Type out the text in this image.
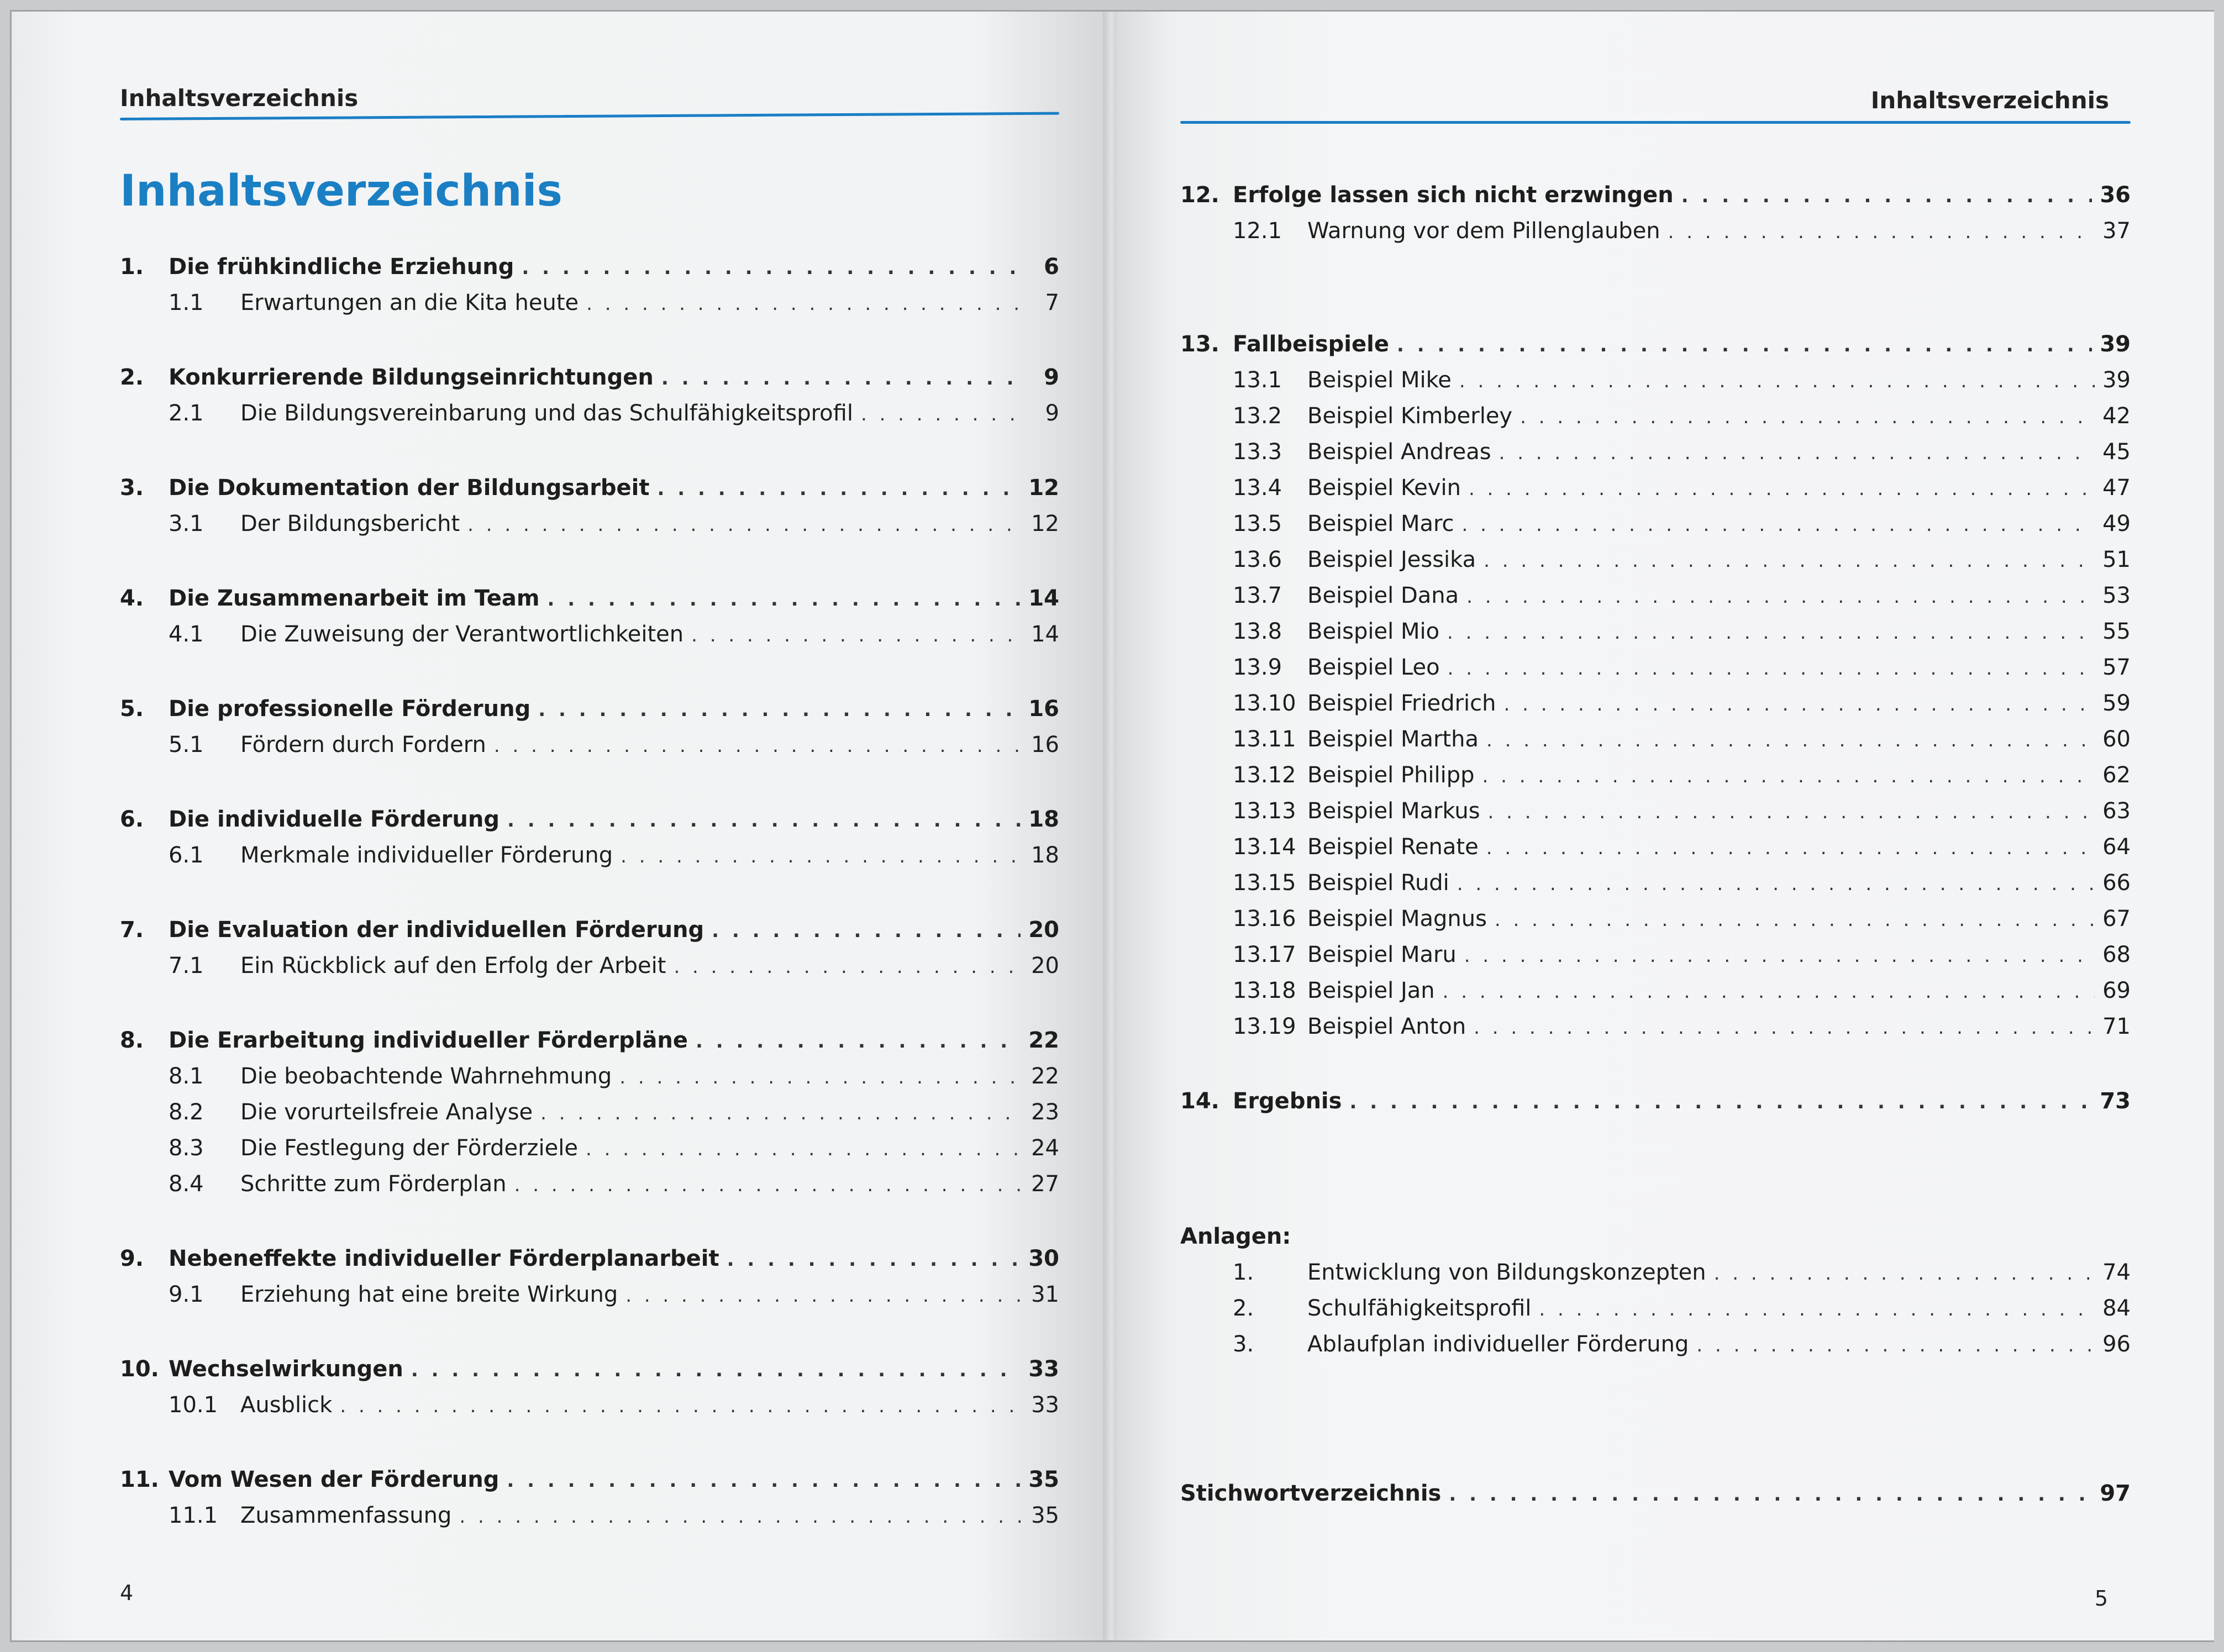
Inhaltsverzeichnis
Inhaltsverzeichnis
1.	Die frühkindliche Erziehung . . .	6
1.1	Erwartungen an die Kita heute . . .	7
2.	Konkurrierende Bildungseinrichtungen . . .	9
2.1	Die Bildungsvereinbarung und das Schulfähigkeitsprofil . . .	9
3.	Die Dokumentation der Bildungsarbeit . . .	12
3.1	Der Bildungsbericht . . .	12
4.	Die Zusammenarbeit im Team . . .	14
4.1	Die Zuweisung der Verantwortlichkeiten . . .	14
5.	Die professionelle Förderung . . .	16
5.1	Fördern durch Fordern . . .	16
6.	Die individuelle Förderung . . .	18
6.1	Merkmale individueller Förderung . . .	18
7.	Die Evaluation der individuellen Förderung . . .	20
7.1	Ein Rückblick auf den Erfolg der Arbeit . . .	20
8.	Die Erarbeitung individueller Förderpläne . . .	22
8.1	Die beobachtende Wahrnehmung . . .	22
8.2	Die vorurteilsfreie Analyse . . .	23
8.3	Die Festlegung der Förderziele . . .	24
8.4	Schritte zum Förderplan . . .	27
9.	Nebeneffekte individueller Förderplanarbeit . . .	30
9.1	Erziehung hat eine breite Wirkung . . .	31
10. Wechselwirkungen . . .	33
10.1	Ausblick . . .	33
11. Vom Wesen der Förderung . . .	35
11.1	Zusammenfassung . . .	35
4
Inhaltsverzeichnis
12. Erfolge lassen sich nicht erzwingen . . .	36
12.1	Warnung vor dem Pillenglauben . . .	37
13. Fallbeispiele . . .	39
13.1	Beispiel Mike . . .	39
13.2	Beispiel Kimberley . . .	42
13.3	Beispiel Andreas . . .	45
13.4	Beispiel Kevin . . .	47
13.5	Beispiel Marc . . .	49
13.6	Beispiel Jessika . . .	51
13.7	Beispiel Dana . . .	53
13.8	Beispiel Mio . . .	55
13.9	Beispiel Leo . . .	57
13.10 Beispiel Friedrich . . .	59
13.11 Beispiel Martha . . .	60
13.12 Beispiel Philipp . . .	62
13.13 Beispiel Markus . . .	63
13.14 Beispiel Renate . . .	64
13.15 Beispiel Rudi . . .	66
13.16 Beispiel Magnus . . .	67
13.17 Beispiel Maru . . .	68
13.18 Beispiel Jan . . .	69
13.19 Beispiel Anton . . .	71
14. Ergebnis . . .	73
Anlagen:
1.	Entwicklung von Bildungskonzepten . . .	74
2.	Schulfähigkeitsprofil . . .	84
3.	Ablaufplan individueller Förderung . . .	96
Stichwortverzeichnis . . .	97
5
